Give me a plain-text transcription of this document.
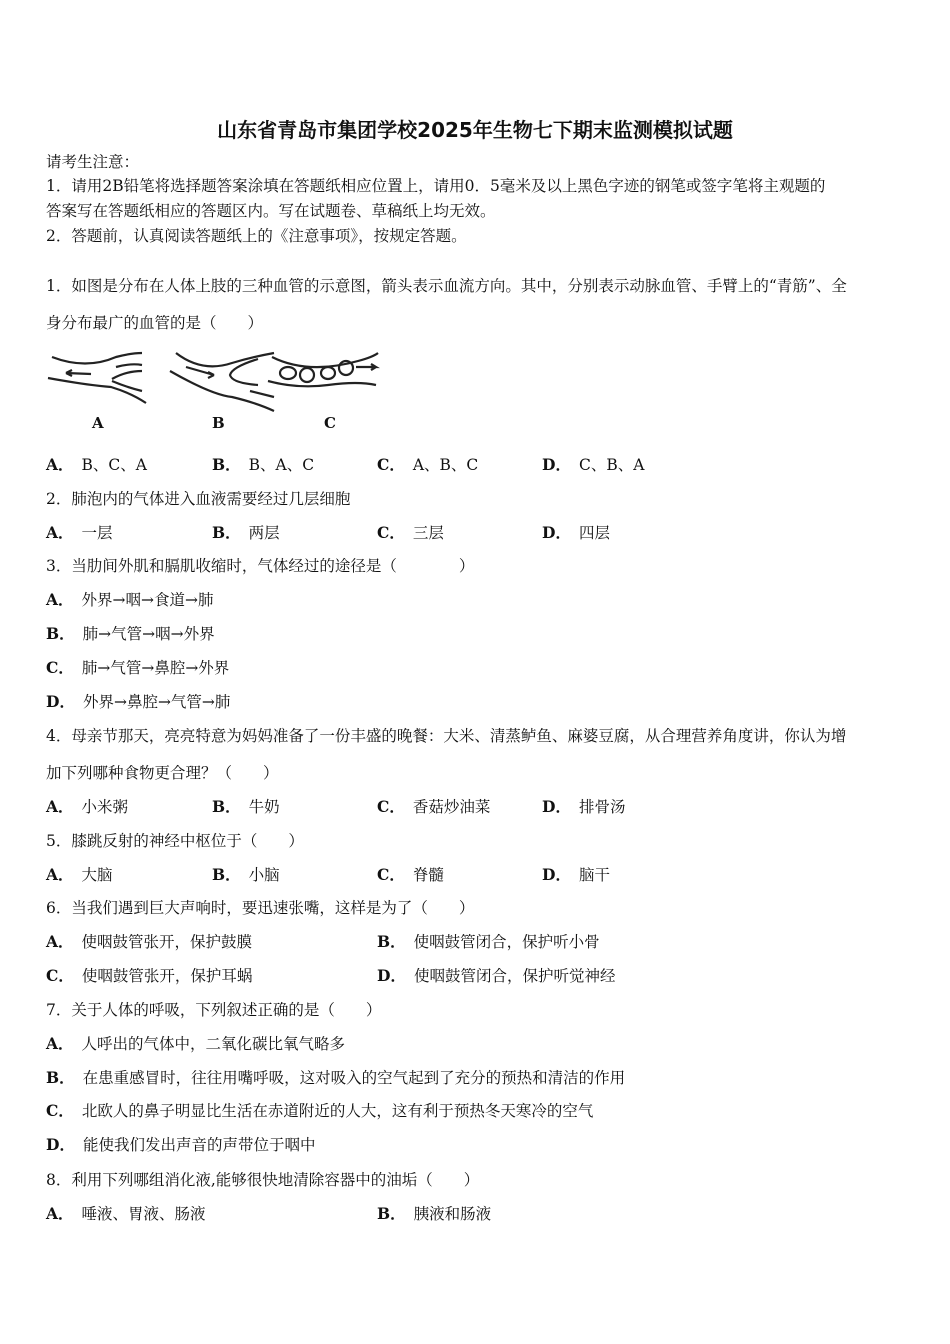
山东省青岛市集团学校2025年生物七下期末监测模拟试题
请考生注意：
1．请用2B铅笔将选择题答案涂填在答题纸相应位置上，请用0．5毫米及以上黑色字迹的钢笔或签字笔将主观题的
答案写在答题纸相应的答题区内。写在试题卷、草稿纸上均无效。
2．答题前，认真阅读答题纸上的《注意事项》，按规定答题。
A	B	C
1．如图是分布在人体上肢的三种血管的示意图，箭头表示血流方向。其中，分别表示动脉血管、手臂上的“青筋”、全
身分布最广的血管的是（　　）
A． B、C、A	B． B、A、C	C． A、B、C	D． C、B、A
2．肺泡内的气体进入血液需要经过几层细胞
A． 一层	B． 两层	C． 三层	D． 四层
3．当肋间外肌和膈肌收缩时，气体经过的途径是（　　　　）
A． 外界→咽→食道→肺
B． 肺→气管→咽→外界
C． 肺→气管→鼻腔→外界
D． 外界→鼻腔→气管→肺
4．母亲节那天，亮亮特意为妈妈准备了一份丰盛的晚餐：大米、清蒸鲈鱼、麻婆豆腐，从合理营养角度讲，你认为增
加下列哪种食物更合理？（　　）
A． 小米粥	B． 牛奶	C． 香菇炒油菜	D． 排骨汤
5．膝跳反射的神经中枢位于（　　）
A． 大脑	B． 小脑	C． 脊髓	D． 脑干
6．当我们遇到巨大声响时，要迅速张嘴，这样是为了（　　）
A． 使咽鼓管张开，保护鼓膜	B． 使咽鼓管闭合，保护听小骨
C． 使咽鼓管张开，保护耳蜗	D． 使咽鼓管闭合，保护听觉神经
7．关于人体的呼吸，下列叙述正确的是（　　）
A． 人呼出的气体中，二氧化碳比氧气略多
B． 在患重感冒时，往往用嘴呼吸，这对吸入的空气起到了充分的预热和清洁的作用
C． 北欧人的鼻子明显比生活在赤道附近的人大，这有利于预热冬天寒冷的空气
D． 能使我们发出声音的声带位于咽中
8．利用下列哪组消化液,能够很快地清除容器中的油垢（　　）
A． 唾液、胃液、肠液	B． 胰液和肠液
